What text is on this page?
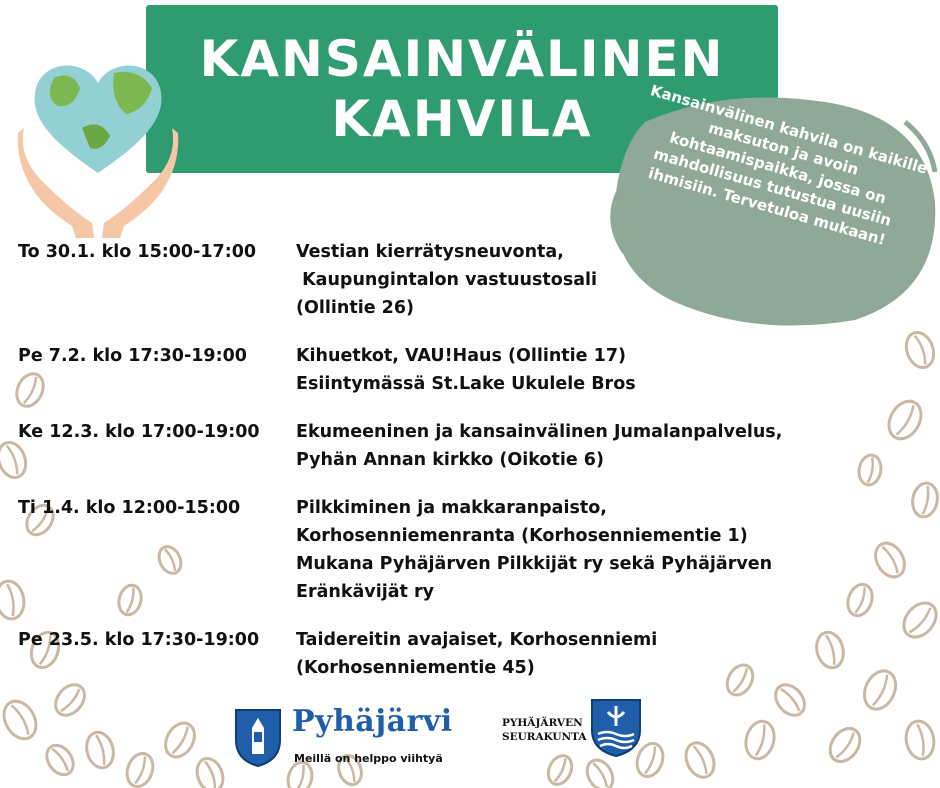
KANSAINVÄLINEN
KAHVILA	Kansainvälinen kahvila on kaikille maksuton ja avoin kohtaamispaikka, jossa on mahdollisuus tutustua uusiin ihmisiin. Tervetuloa mukaan!
To 30.1. klo 15:00-17:00	Vestian kierrätysneuvonta,
Kaupungintalon vastuustosali
(Ollintie 26)
Pe 7.2. klo 17:30-19:00	Kihuetkot, VAU!Haus (Ollintie 17)
Esiintymässä St.Lake Ukulele Bros
Ke 12.3. klo 17:00-19:00	Ekumeeninen ja kansainvälinen Jumalanpalvelus,
Pyhän Annan kirkko (Oikotie 6)
Ti 1.4. klo 12:00-15:00	Pilkkiminen ja makkaranpaisto,
Korhosenniemenranta (Korhosenniementie 1)
Mukana Pyhäjärven Pilkkijät ry sekä Pyhäjärven
Eränkävijät ry
Pe 23.5. klo 17:30-19:00	Taidereitin avajaiset, Korhosenniemi
(Korhosenniementie 45)
Pyhäjärvi
Meillä on helppo viihtyä
PYHÄJÄRVEN
SEURAKUNTA
